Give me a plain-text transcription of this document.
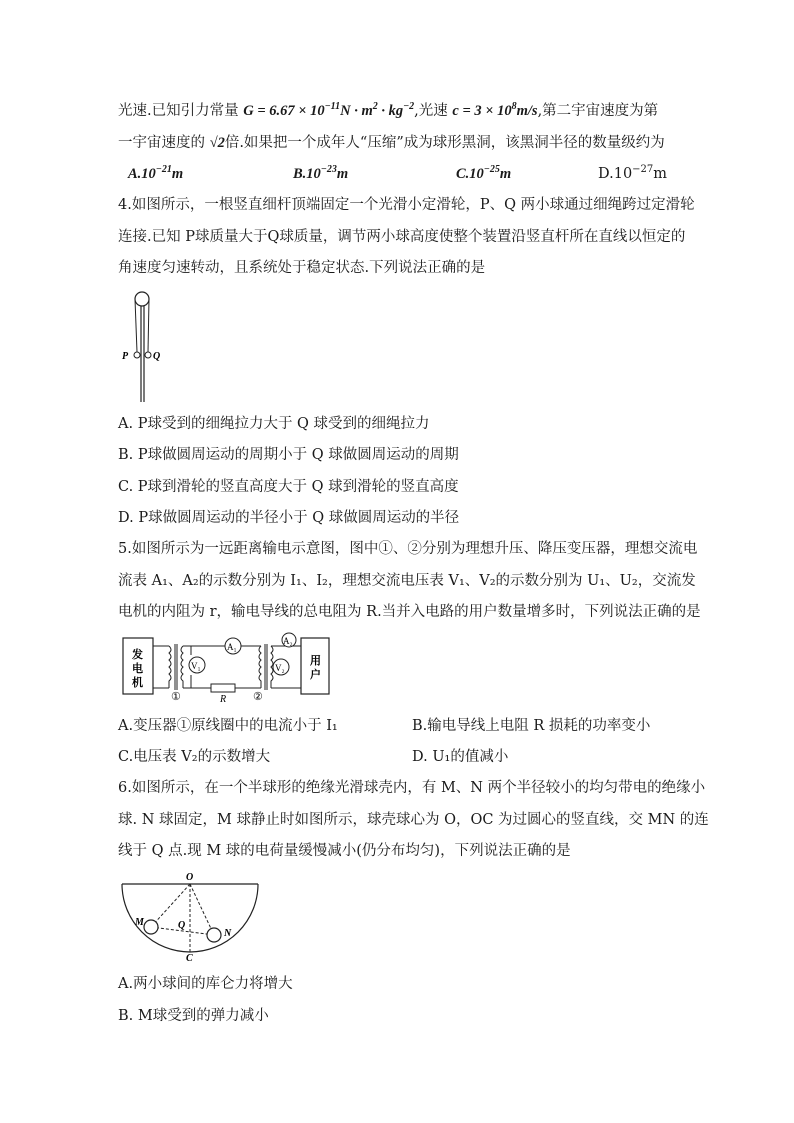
光速.已知引力常量 $G = 6.67 \times 10^{-11}N \cdot m^2 \cdot kg^{-2}$,光速 $c = 3 \times 10^8m/s$,第二宇宙速度为第
一宇宙速度的 √2倍.如果把一个成年人“压缩”成为球形黑洞，该黑洞半径的数量级约为
$A.10^{-21}m$	$B.10^{-23}m$	$C.10^{-25}m$	$D.10^{-27}m$
4.如图所示，一根竖直细杆顶端固定一个光滑小定滑轮，P、Q 两小球通过细绳跨过定滑轮
连接.已知 P球质量大于Q球质量，调节两小球高度使整个装置沿竖直杆所在直线以恒定的
角速度匀速转动，且系统处于稳定状态.下列说法正确的是
P Q
A. P球受到的细绳拉力大于 Q 球受到的细绳拉力
B. P球做圆周运动的周期小于 Q 球做圆周运动的周期
C. P球到滑轮的竖直高度大于 Q 球到滑轮的竖直高度
D. P球做圆周运动的半径小于 Q 球做圆周运动的半径
5.如图所示为一远距离输电示意图，图中①、②分别为理想升压、降压变压器，理想交流电
流表 A₁、A₂的示数分别为 I₁、I₂，理想交流电压表 V₁、V₂的示数分别为 U₁、U₂，交流发
电机的内阻为 r，输电导线的总电阻为 R.当并入电路的用户数量增多时，下列说法正确的是
发
电
机
用
户
R
V₁
A₁
V₂
A₂
①	②
A.变压器①原线圈中的电流小于 I₁	B.输电导线上电阻 R 损耗的功率变小
C.电压表 V₂的示数增大	D. U₁的值减小
6.如图所示，在一个半球形的绝缘光滑球壳内，有 M、N 两个半径较小的均匀带电的绝缘小
球. N 球固定，M 球静止时如图所示，球壳球心为 O，OC 为过圆心的竖直线，交 MN 的连
线于 Q 点.现 M 球的电荷量缓慢减小(仍分布均匀)，下列说法正确的是
O
M
N
Q
C
A.两小球间的库仑力将增大
B. M球受到的弹力减小
